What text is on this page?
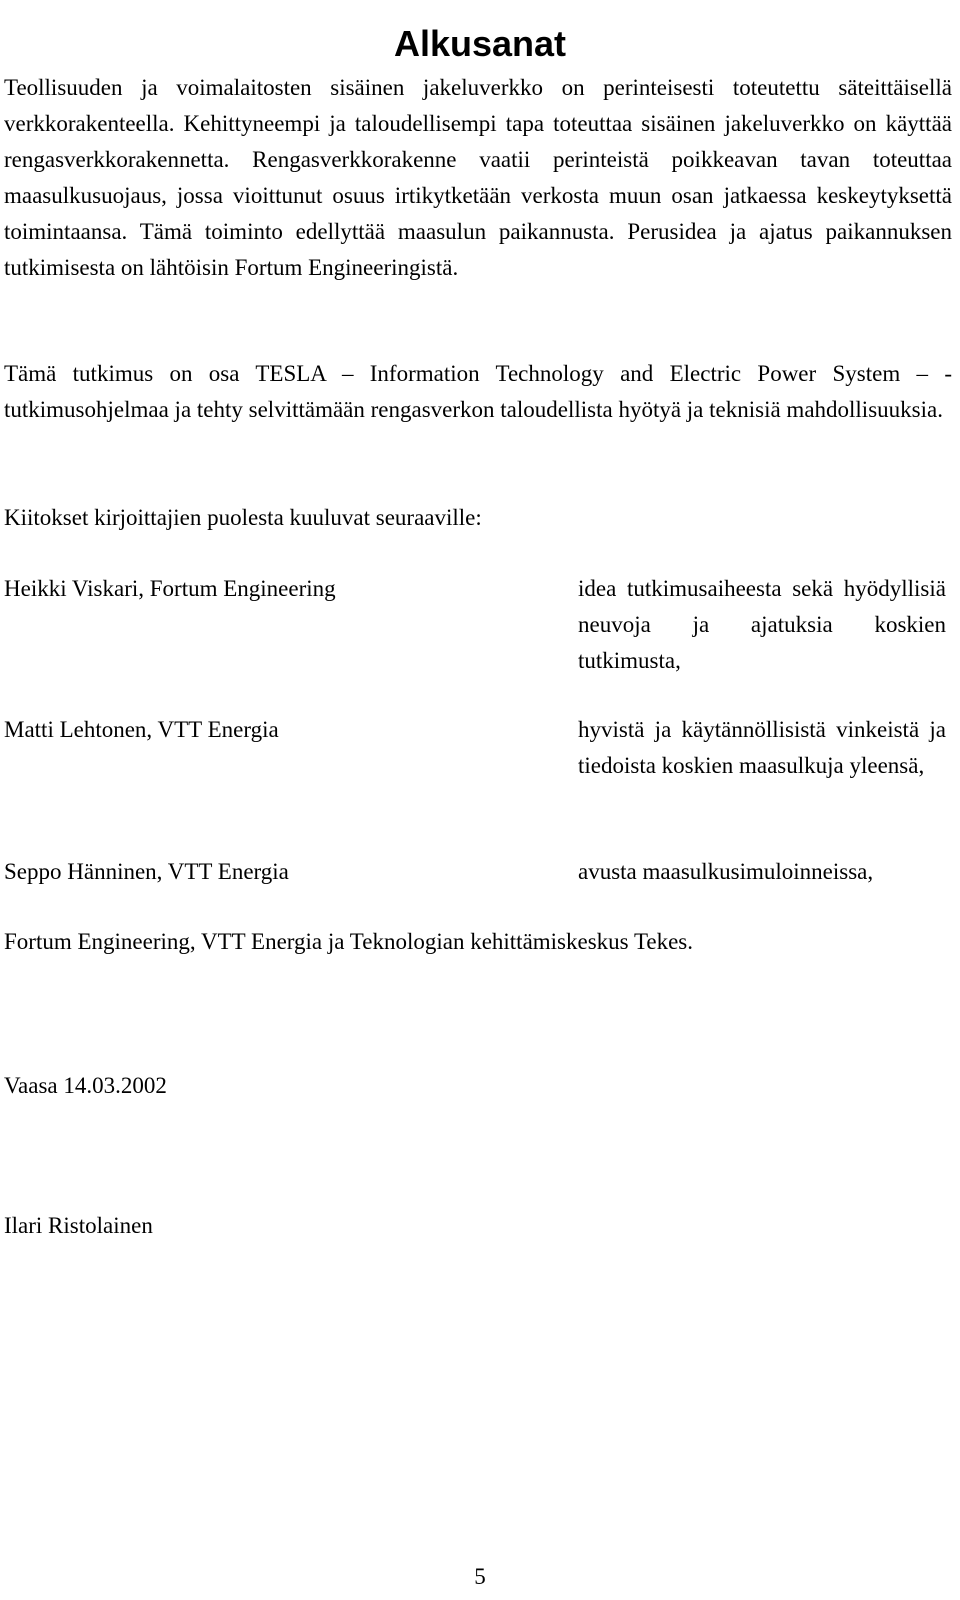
Alkusanat

Teollisuuden ja voimalaitosten sisäinen jakeluverkko on perinteisesti toteutettu säteittäisellä verkkorakenteella. Kehittyneempi ja taloudellisempi tapa toteuttaa sisäinen jakeluverkko on käyttää rengasverkkorakennetta. Rengasverkkorakenne vaatii perinteistä poikkeavan tavan toteuttaa maasulkusuojaus, jossa vioittunut osuus irtikytketään verkosta muun osan jatkaessa keskeytyksettä toimintaansa. Tämä toiminto edellyttää maasulun paikannusta. Perusidea ja ajatus paikannuksen tutkimisesta on lähtöisin Fortum Engineeringistä.

Tämä tutkimus on osa TESLA – Information Technology and Electric Power System – -tutkimusohjelmaa ja tehty selvittämään rengasverkon taloudellista hyötyä ja teknisiä mahdollisuuksia.

Kiitokset kirjoittajien puolesta kuuluvat seuraaville:

Heikki Viskari, Fortum Engineering	idea tutkimusaiheesta sekä hyödyllisiä neuvoja ja ajatuksia koskien tutkimusta,
Matti Lehtonen, VTT Energia	hyvistä ja käytännöllisistä vinkeistä ja tiedoista koskien maasulkuja yleensä,
Seppo Hänninen, VTT Energia	avusta maasulkusimuloinneissa,

Fortum Engineering, VTT Energia ja Teknologian kehittämiskeskus Tekes.

Vaasa 14.03.2002

Ilari Ristolainen

5
